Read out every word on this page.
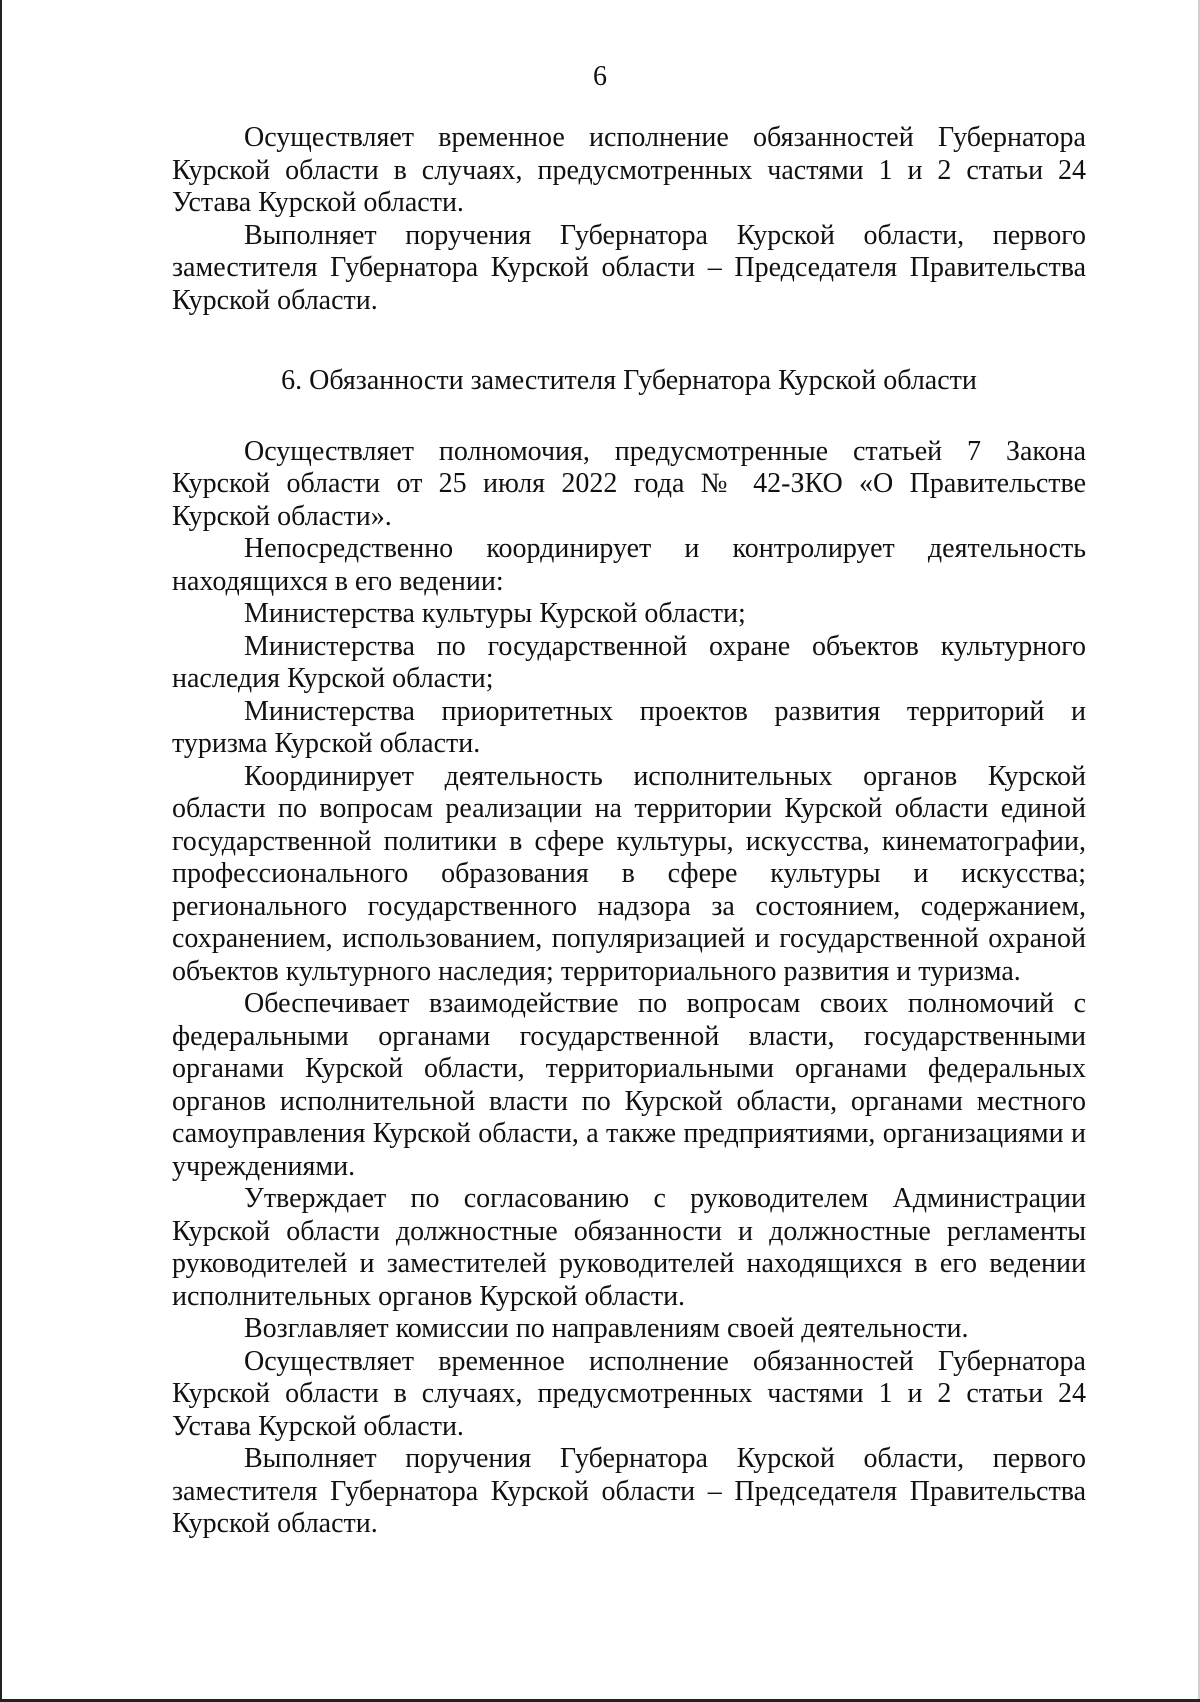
6

Осуществляет временное исполнение обязанностей Губернатора Курской области в случаях, предусмотренных частями 1 и 2 статьи 24 Устава Курской области.

Выполняет поручения Губернатора Курской области, первого заместителя Губернатора Курской области – Председателя Правительства Курской области.

6. Обязанности заместителя Губернатора Курской области

Осуществляет полномочия, предусмотренные статьей 7 Закона Курской области от 25 июля 2022 года № 42-ЗКО «О Правительстве Курской области».

Непосредственно координирует и контролирует деятельность находящихся в его ведении:

Министерства культуры Курской области;

Министерства по государственной охране объектов культурного наследия Курской области;

Министерства приоритетных проектов развития территорий и туризма Курской области.

Координирует деятельность исполнительных органов Курской области по вопросам реализации на территории Курской области единой государственной политики в сфере культуры, искусства, кинематографии, профессионального образования в сфере культуры и искусства; регионального государственного надзора за состоянием, содержанием, сохранением, использованием, популяризацией и государственной охраной объектов культурного наследия; территориального развития и туризма.

Обеспечивает взаимодействие по вопросам своих полномочий с федеральными органами государственной власти, государственными органами Курской области, территориальными органами федеральных органов исполнительной власти по Курской области, органами местного самоуправления Курской области, а также предприятиями, организациями и учреждениями.

Утверждает по согласованию с руководителем Администрации Курской области должностные обязанности и должностные регламенты руководителей и заместителей руководителей находящихся в его ведении исполнительных органов Курской области.

Возглавляет комиссии по направлениям своей деятельности.

Осуществляет временное исполнение обязанностей Губернатора Курской области в случаях, предусмотренных частями 1 и 2 статьи 24 Устава Курской области.

Выполняет поручения Губернатора Курской области, первого заместителя Губернатора Курской области – Председателя Правительства Курской области.
